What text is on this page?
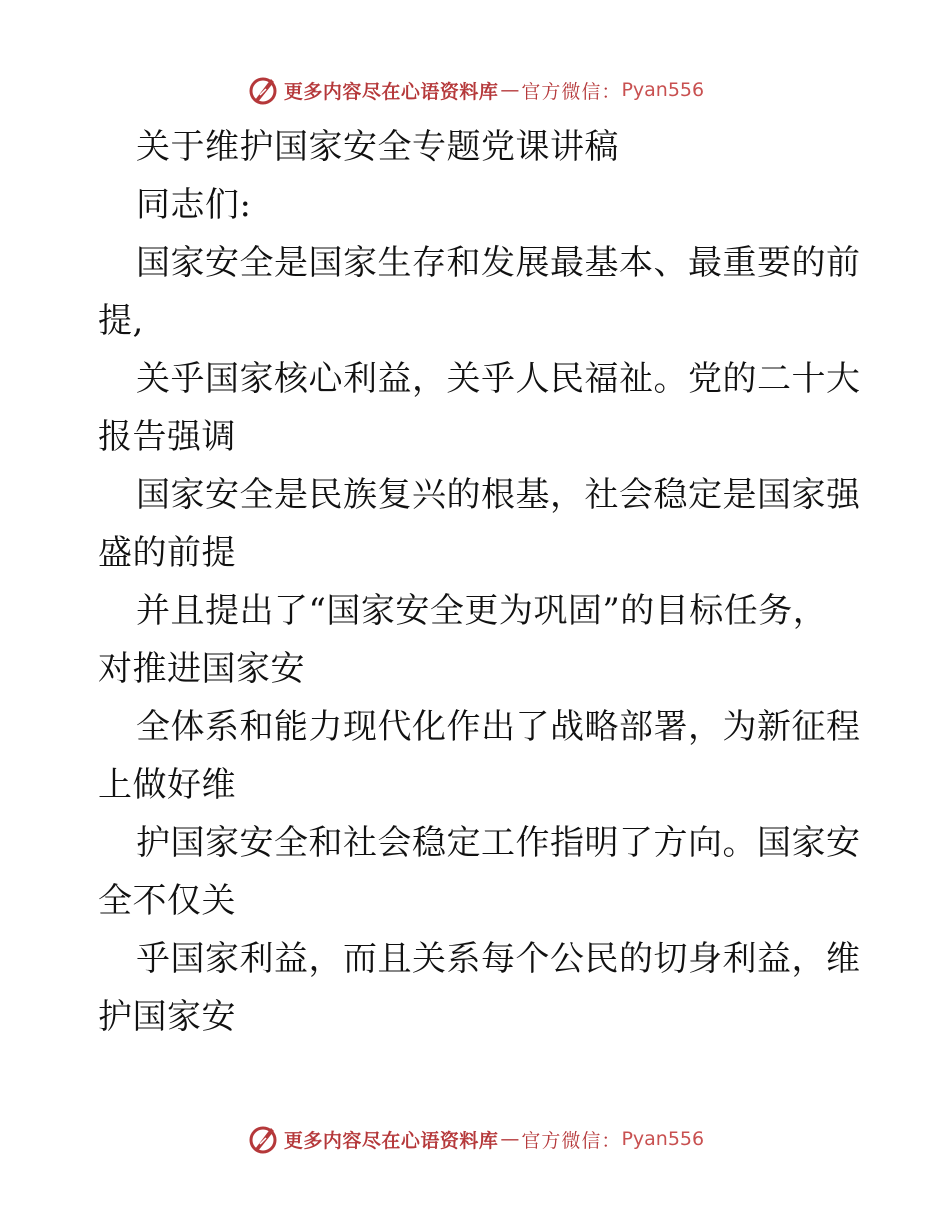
更多内容尽在心语资料库 — 官方微信： Pyan556
关于维护国家安全专题党课讲稿
同志们:
国家安全是国家生存和发展最基本、最重要的前
提,
关乎国家核心利益，关乎人民福祉。党的二十大
报告强调
国家安全是民族复兴的根基，社会稳定是国家强
盛的前提
并且提出了“国家安全更为巩固”的目标任务，
对推进国家安
全体系和能力现代化作出了战略部署，为新征程
上做好维
护国家安全和社会稳定工作指明了方向。国家安
全不仅关
乎国家利益，而且关系每个公民的切身利益，维
护国家安
更多内容尽在心语资料库 — 官方微信： Pyan556
